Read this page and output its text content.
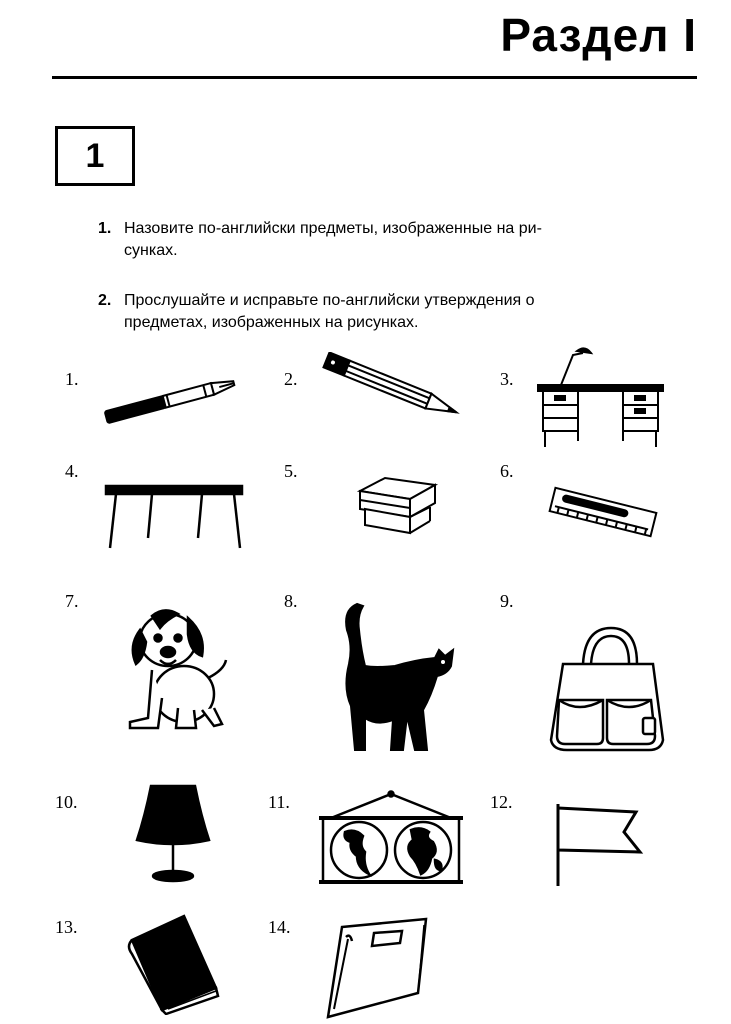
Раздел I
1
1. Назовите по-английски предметы, изображенные на ри-
сунках.
2. Прослушайте и исправьте по-английски утверждения о
предметах, изображенных на рисунках.
1.	2.	3.
4.	5.	6.
7.	8.	9.
10.	11.	12.
13.	14.
